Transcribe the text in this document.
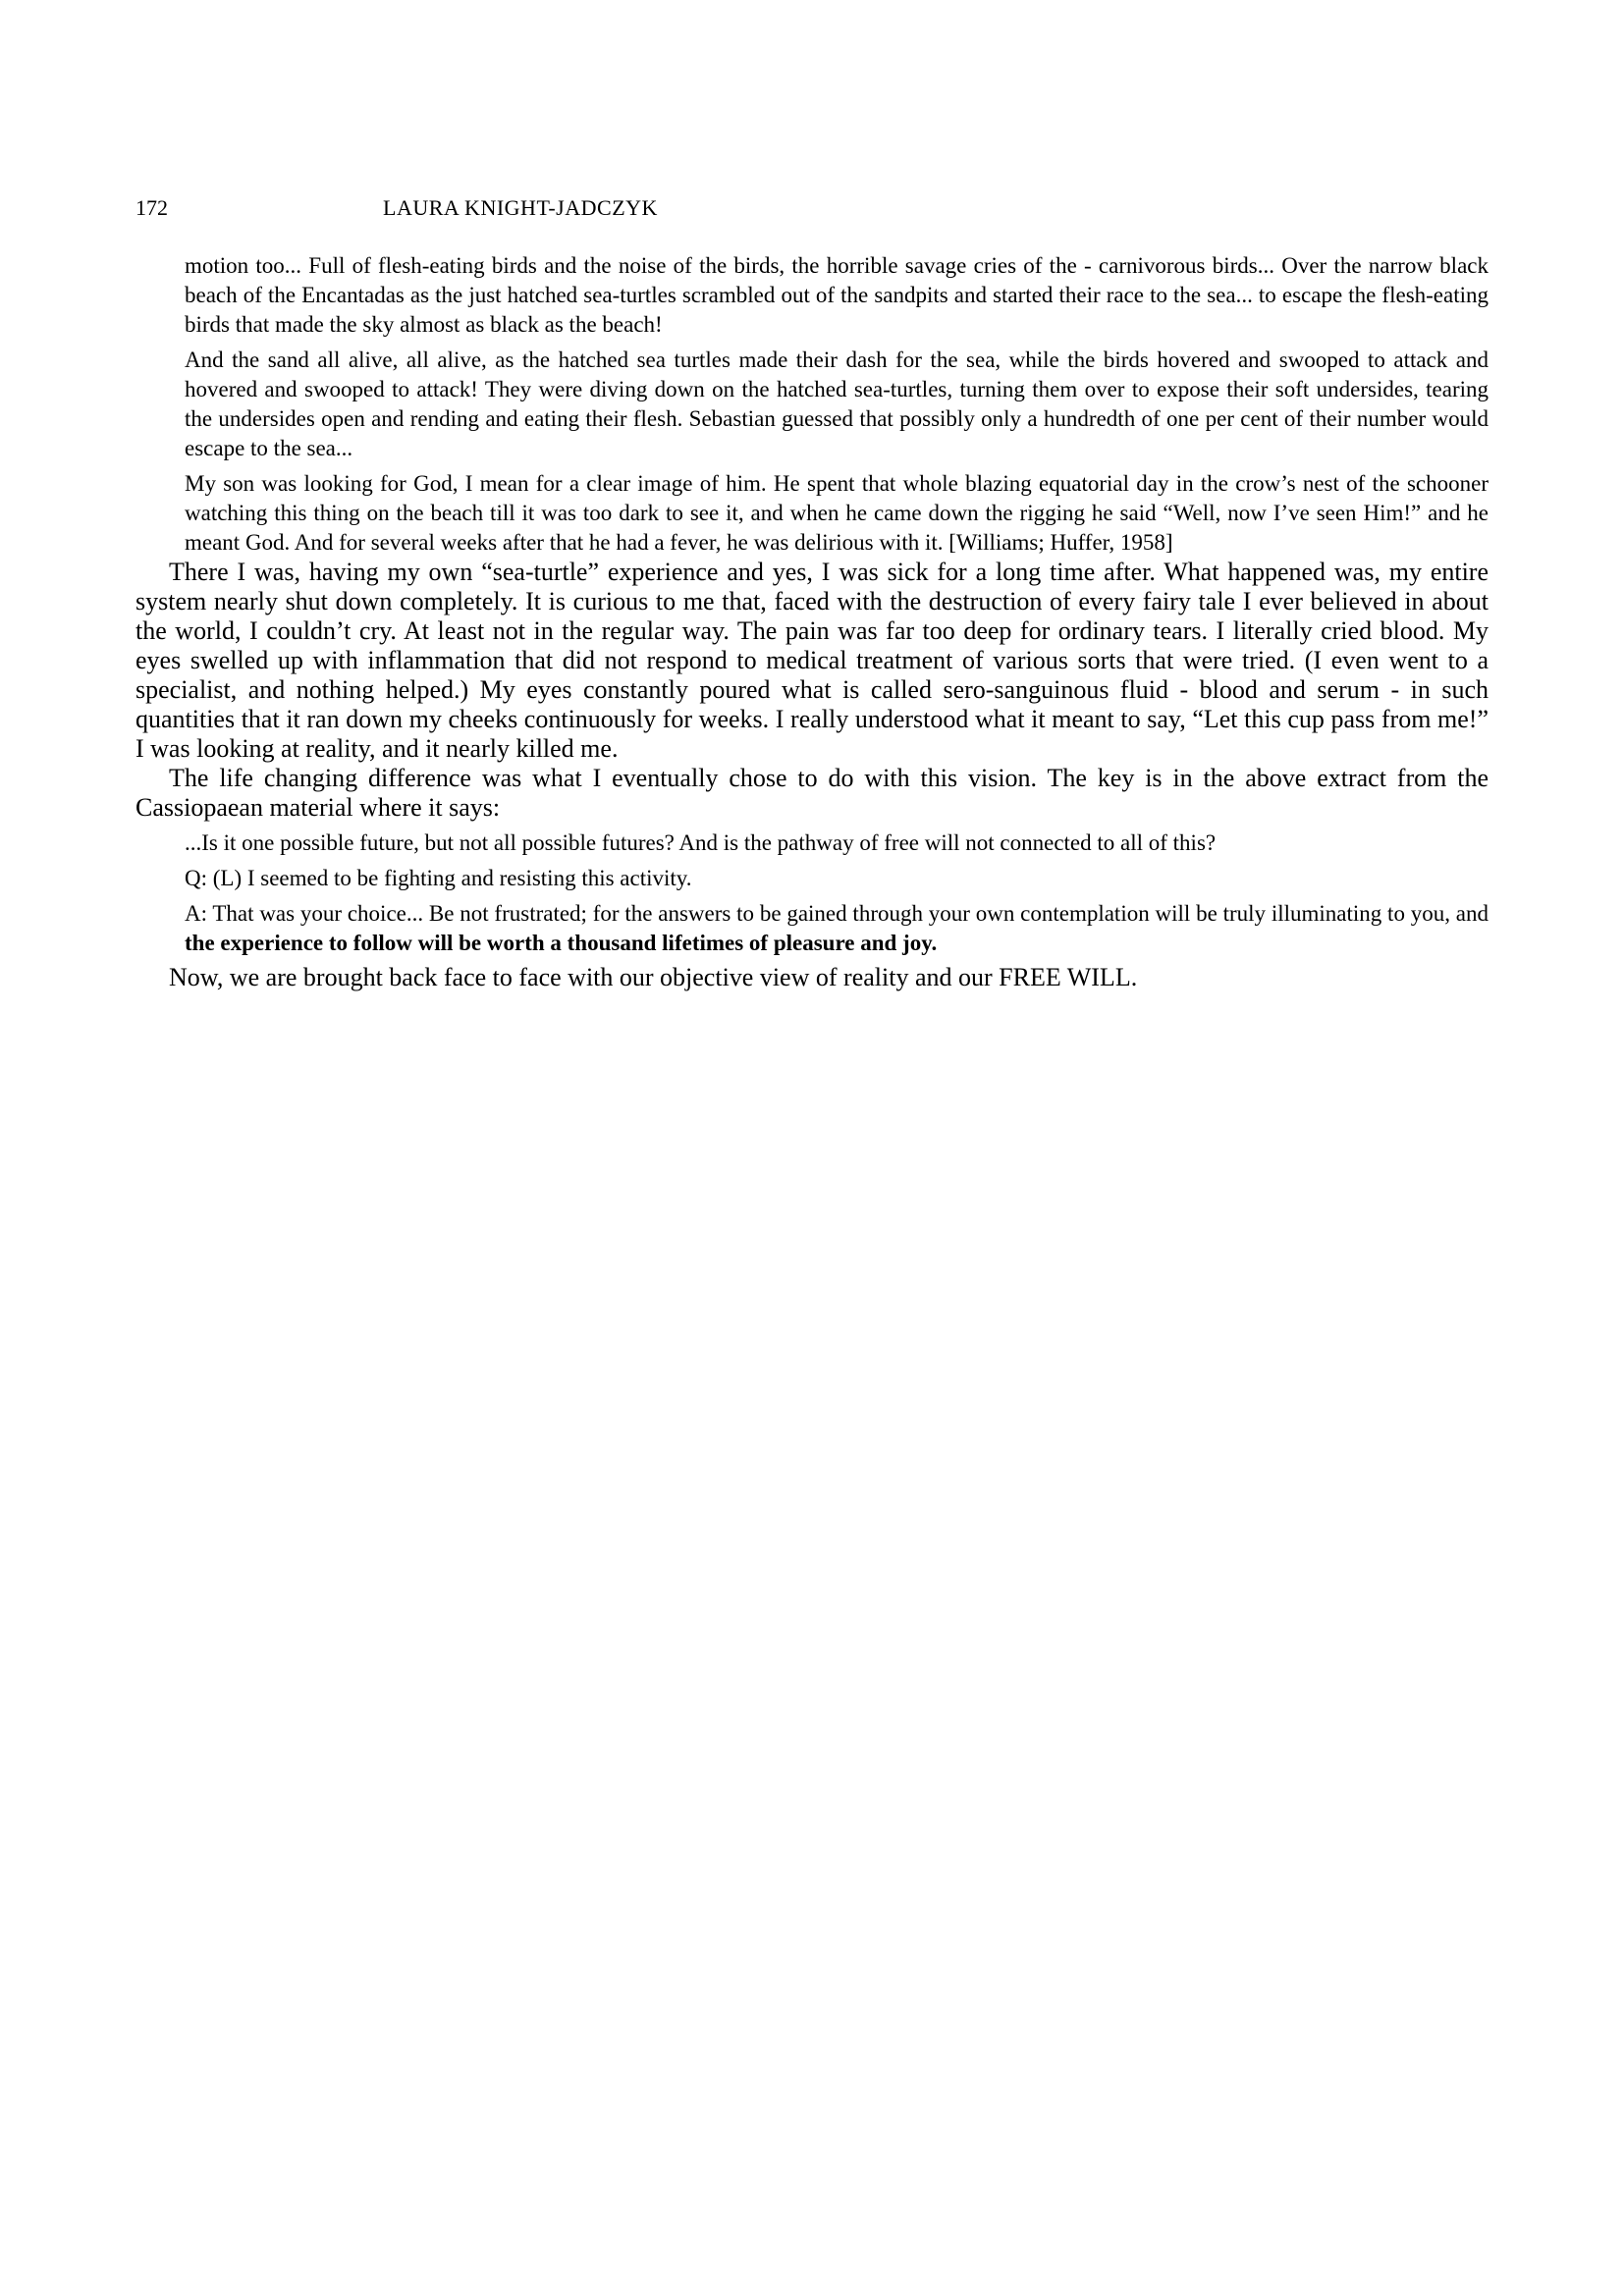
172	LAURA KNIGHT-JADCZYK

motion too... Full of flesh-eating birds and the noise of the birds, the horrible savage cries of the - carnivorous birds... Over the narrow black beach of the Encantadas as the just hatched sea-turtles scrambled out of the sandpits and started their race to the sea... to escape the flesh-eating birds that made the sky almost as black as the beach!

And the sand all alive, all alive, as the hatched sea turtles made their dash for the sea, while the birds hovered and swooped to attack and hovered and swooped to attack! They were diving down on the hatched sea-turtles, turning them over to expose their soft undersides, tearing the undersides open and rending and eating their flesh. Sebastian guessed that possibly only a hundredth of one per cent of their number would escape to the sea...

My son was looking for God, I mean for a clear image of him. He spent that whole blazing equatorial day in the crow’s nest of the schooner watching this thing on the beach till it was too dark to see it, and when he came down the rigging he said “Well, now I’ve seen Him!” and he meant God. And for several weeks after that he had a fever, he was delirious with it. [Williams; Huffer, 1958]

There I was, having my own “sea-turtle” experience and yes, I was sick for a long time after. What happened was, my entire system nearly shut down completely. It is curious to me that, faced with the destruction of every fairy tale I ever believed in about the world, I couldn’t cry. At least not in the regular way. The pain was far too deep for ordinary tears. I literally cried blood. My eyes swelled up with inflammation that did not respond to medical treatment of various sorts that were tried. (I even went to a specialist, and nothing helped.) My eyes constantly poured what is called sero-sanguinous fluid - blood and serum - in such quantities that it ran down my cheeks continuously for weeks. I really understood what it meant to say, “Let this cup pass from me!” I was looking at reality, and it nearly killed me.

The life changing difference was what I eventually chose to do with this vision. The key is in the above extract from the Cassiopaean material where it says:

...Is it one possible future, but not all possible futures? And is the pathway of free will not connected to all of this?

Q: (L) I seemed to be fighting and resisting this activity.

A: That was your choice... Be not frustrated; for the answers to be gained through your own contemplation will be truly illuminating to you, and the experience to follow will be worth a thousand lifetimes of pleasure and joy.

Now, we are brought back face to face with our objective view of reality and our FREE WILL.
